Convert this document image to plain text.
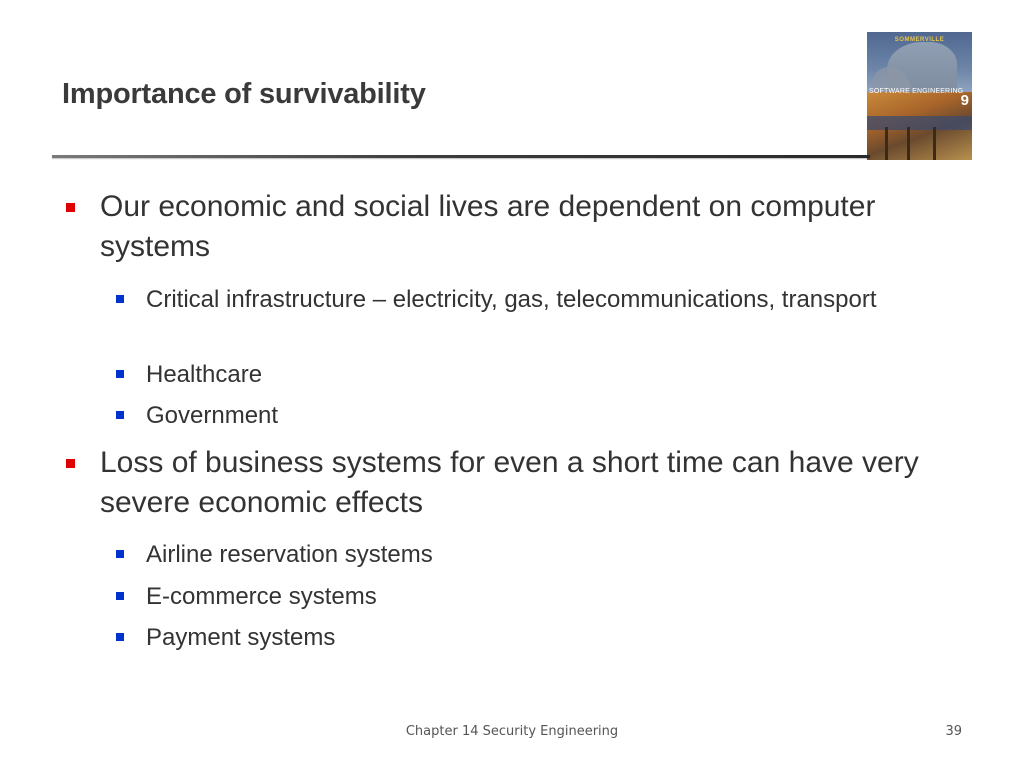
Importance of survivability
SOMMERVILLE
SOFTWARE ENGINEERING
9
Our economic and social lives are dependent on computer systems
Critical infrastructure – electricity, gas, telecommunications, transport
Healthcare
Government
Loss of business systems for even a short time can have very severe economic effects
Airline reservation systems
E-commerce systems
Payment systems
Chapter 14 Security Engineering	39
